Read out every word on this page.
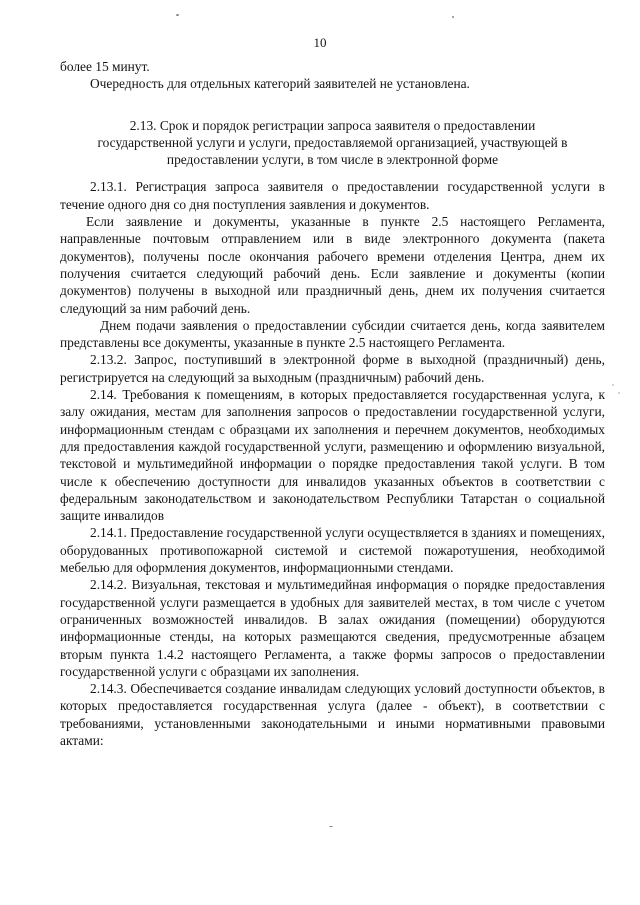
10

более 15 минут.

Очередность для отдельных категорий заявителей не установлена.

2.13. Срок и порядок регистрации запроса заявителя о предоставлении
государственной услуги и услуги, предоставляемой организацией, участвующей в
предоставлении услуги, в том числе в электронной форме

2.13.1. Регистрация запроса заявителя о предоставлении государственной услуги в течение одного дня со дня поступления заявления и документов.

Если заявление и документы, указанные в пункте 2.5 настоящего Регламента, направленные почтовым отправлением или в виде электронного документа (пакета документов), получены после окончания рабочего времени отделения Центра, днем их получения считается следующий рабочий день. Если заявление и документы (копии документов) получены в выходной или праздничный день, днем их получения считается следующий за ним рабочий день.

Днем подачи заявления о предоставлении субсидии считается день, когда заявителем представлены все документы, указанные в пункте 2.5 настоящего Регламента.

2.13.2. Запрос, поступивший в электронной форме в выходной (праздничный) день, регистрируется на следующий за выходным (праздничным) рабочий день.

2.14. Требования к помещениям, в которых предоставляется государственная услуга, к залу ожидания, местам для заполнения запросов о предоставлении государственной услуги, информационным стендам с образцами их заполнения и перечнем документов, необходимых для предоставления каждой государственной услуги, размещению и оформлению визуальной, текстовой и мультимедийной информации о порядке предоставления такой услуги. В том числе к обеспечению доступности для инвалидов указанных объектов в соответствии с федеральным законодательством и законодательством Республики Татарстан о социальной защите инвалидов

2.14.1. Предоставление государственной услуги осуществляется в зданиях и помещениях, оборудованных противопожарной системой и системой пожаротушения, необходимой мебелью для оформления документов, информационными стендами.

2.14.2. Визуальная, текстовая и мультимедийная информация о порядке предоставления государственной услуги размещается в удобных для заявителей местах, в том числе с учетом ограниченных возможностей инвалидов. В залах ожидания (помещении) оборудуются информационные стенды, на которых размещаются сведения, предусмотренные абзацем вторым пункта 1.4.2 настоящего Регламента, а также формы запросов о предоставлении государственной услуги с образцами их заполнения.

2.14.3. Обеспечивается создание инвалидам следующих условий доступности объектов, в которых предоставляется государственная услуга (далее - объект), в соответствии с требованиями, установленными законодательными и иными нормативными правовыми актами:
